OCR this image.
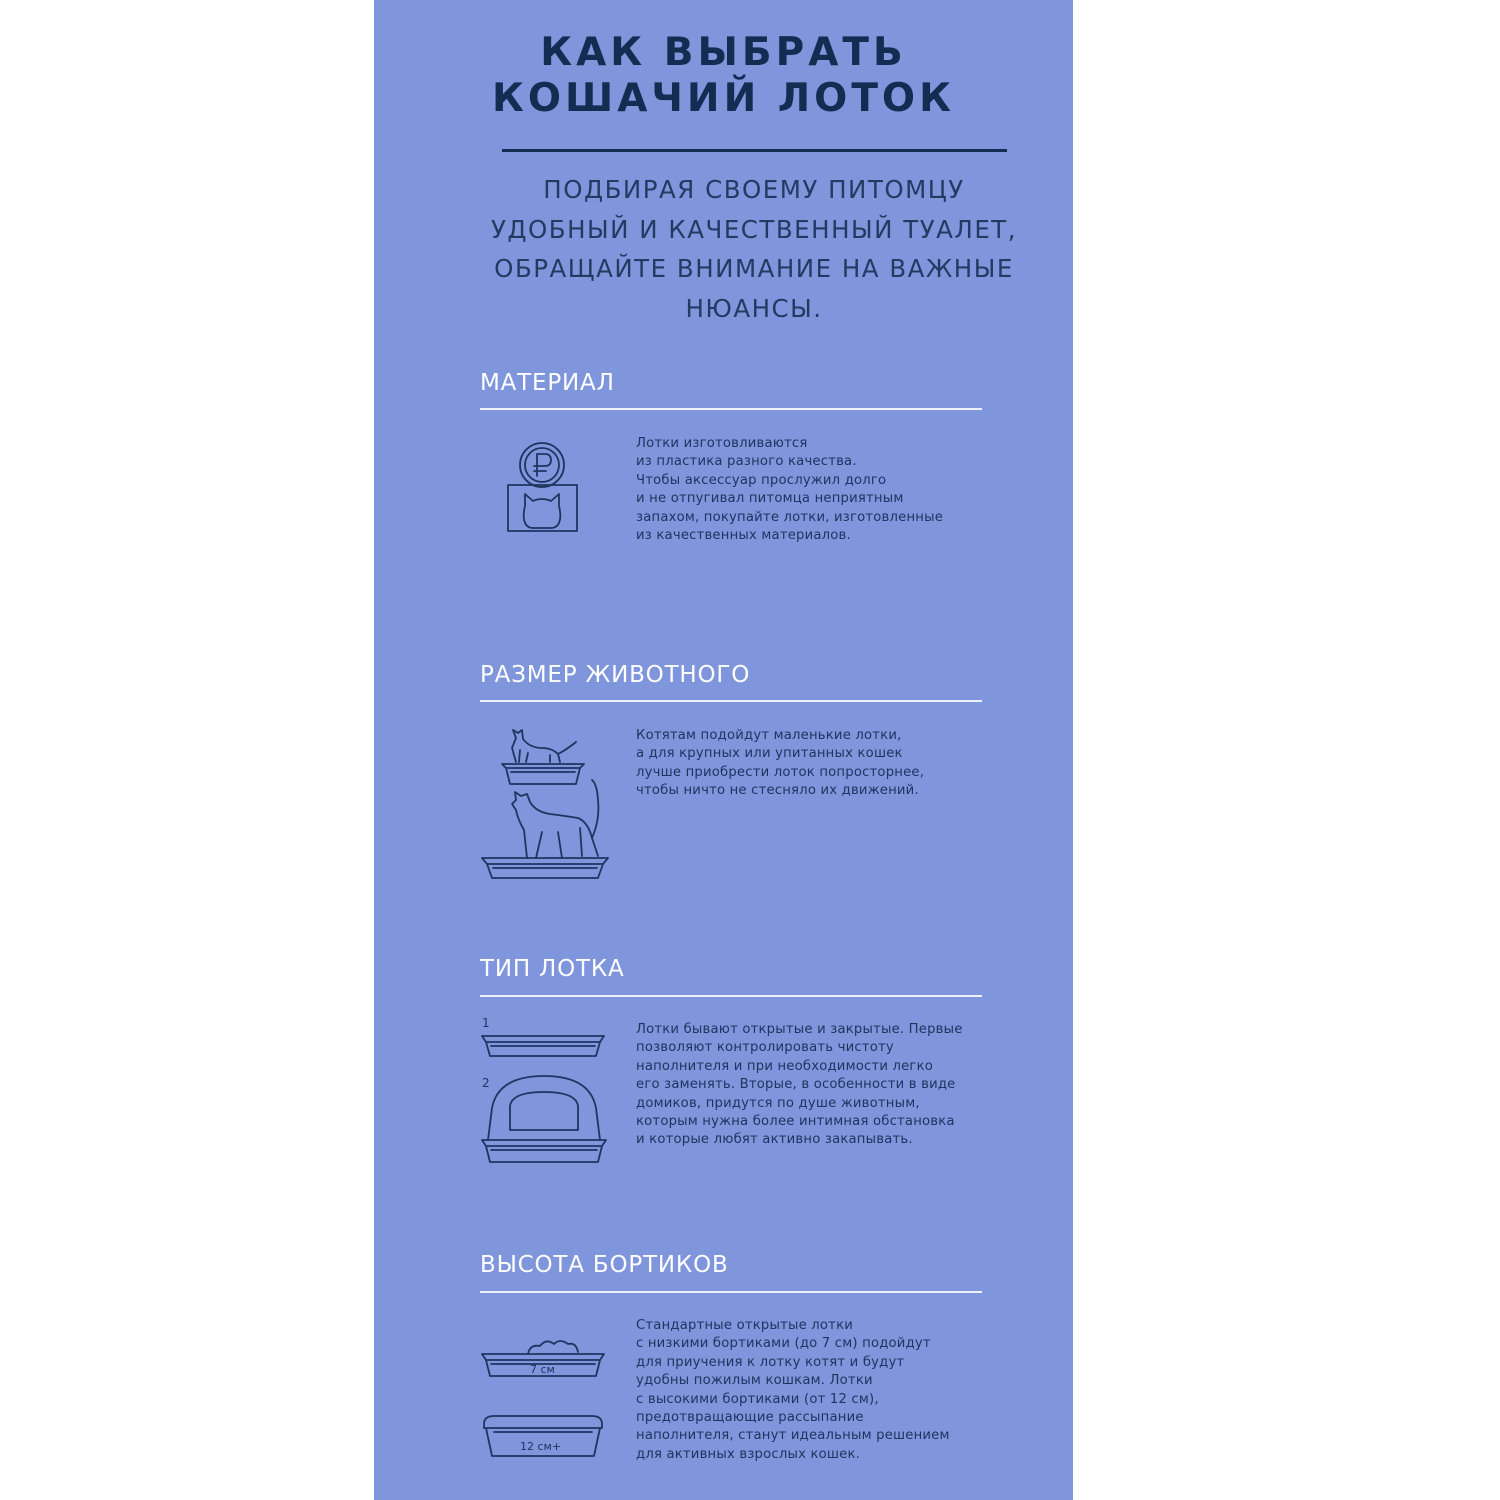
КАК ВЫБРАТЬ
КОШАЧИЙ ЛОТОК

ПОДБИРАЯ СВОЕМУ ПИТОМЦУ
УДОБНЫЙ И КАЧЕСТВЕННЫЙ ТУАЛЕТ,
ОБРАЩАЙТЕ ВНИМАНИЕ НА ВАЖНЫЕ
НЮАНСЫ.

МАТЕРИАЛ

Лотки изготовливаются
из пластика разного качества.
Чтобы аксессуар прослужил долго
и не отпугивал питомца неприятным
запахом, покупайте лотки, изготовленные
из качественных материалов.

РАЗМЕР ЖИВОТНОГО

Котятам подойдут маленькие лотки,
а для крупных или упитанных кошек
лучше приобрести лоток попросторнее,
чтобы ничто не стесняло их движений.

ТИП ЛОТКА
1
2

Лотки бывают открытые и закрытые. Первые
позволяют контролировать чистоту
наполнителя и при необходимости легко
его заменять. Вторые, в особенности в виде
домиков, придутся по душе животным,
которым нужна более интимная обстановка
и которые любят активно закапывать.

ВЫСОТА БОРТИКОВ
7 см
12 см+

Стандартные открытые лотки
с низкими бортиками (до 7 см) подойдут
для приучения к лотку котят и будут
удобны пожилым кошкам. Лотки
с высокими бортиками (от 12 см),
предотвращающие рассыпание
наполнителя, станут идеальным решением
для активных взрослых кошек.
